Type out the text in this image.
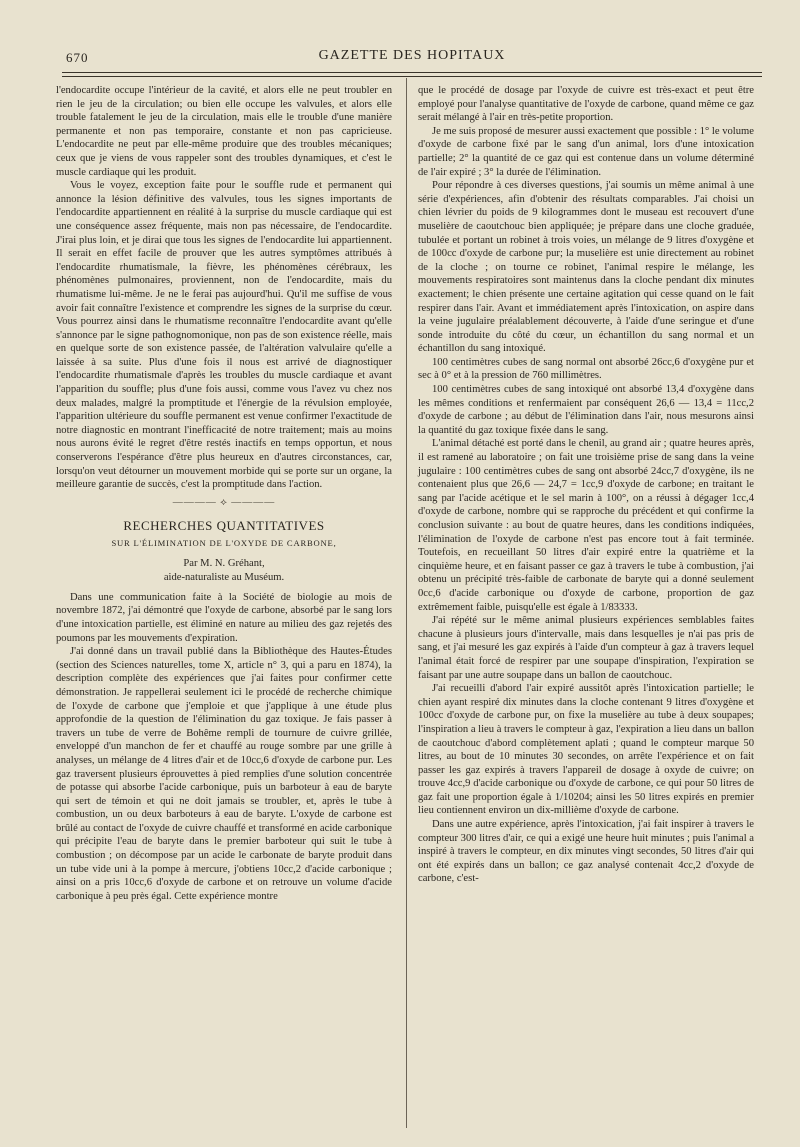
670	GAZETTE DES HOPITAUX

l'endocardite occupe l'intérieur de la cavité, et alors elle ne peut troubler en rien le jeu de la circulation; ou bien elle occupe les valvules, et alors elle trouble fatalement le jeu de la circulation, mais elle le trouble d'une manière permanente et non pas temporaire, constante et non pas capricieuse. L'endocardite ne peut par elle-même produire que des troubles mécaniques; ceux que je viens de vous rappeler sont des troubles dynamiques, et c'est le muscle cardiaque qui les produit.

Vous le voyez, exception faite pour le souffle rude et permanent qui annonce la lésion définitive des valvules, tous les signes importants de l'endocardite appartiennent en réalité à la surprise du muscle cardiaque qui est une conséquence assez fréquente, mais non pas nécessaire, de l'endocardite. J'irai plus loin, et je dirai que tous les signes de l'endocardite lui appartiennent. Il serait en effet facile de prouver que les autres symptômes attribués à l'endocardite rhumatismale, la fièvre, les phénomènes cérébraux, les phénomènes pulmonaires, proviennent, non de l'endocardite, mais du rhumatisme lui-même. Je ne le ferai pas aujourd'hui. Qu'il me suffise de vous avoir fait connaître l'existence et comprendre les signes de la surprise du cœur. Vous pourrez ainsi dans le rhumatisme reconnaître l'endocardite avant qu'elle s'annonce par le signe pathognomonique, non pas de son existence réelle, mais en quelque sorte de son existence passée, de l'altération valvulaire qu'elle a laissée à sa suite. Plus d'une fois il nous est arrivé de diagnostiquer l'endocardite rhumatismale d'après les troubles du muscle cardiaque et avant l'apparition du souffle; plus d'une fois aussi, comme vous l'avez vu chez nos deux malades, malgré la promptitude et l'énergie de la révulsion employée, l'apparition ultérieure du souffle permanent est venue confirmer l'exactitude de notre diagnostic en montrant l'inefficacité de notre traitement; mais au moins nous aurons évité le regret d'être restés inactifs en temps opportun, et nous conserverons l'espérance d'être plus heureux en d'autres circonstances, car, lorsqu'on veut détourner un mouvement morbide qui se porte sur un organe, la meilleure garantie de succès, c'est la promptitude dans l'action.

———— ⟡ ————
RECHERCHES QUANTITATIVES
SUR L'ÉLIMINATION DE L'OXYDE DE CARBONE,
Par M. N. Gréhant,
aide-naturaliste au Muséum.

Dans une communication faite à la Société de biologie au mois de novembre 1872, j'ai démontré que l'oxyde de carbone, absorbé par le sang lors d'une intoxication partielle, est éliminé en nature au milieu des gaz rejetés des poumons par les mouvements d'expiration.

J'ai donné dans un travail publié dans la Bibliothèque des Hautes-Études (section des Sciences naturelles, tome X, article n° 3, qui a paru en 1874), la description complète des expériences que j'ai faites pour confirmer cette démonstration. Je rappellerai seulement ici le procédé de recherche chimique de l'oxyde de carbone que j'emploie et que j'applique à une étude plus approfondie de la question de l'élimination du gaz toxique. Je fais passer à travers un tube de verre de Bohême rempli de tournure de cuivre grillée, enveloppé d'un manchon de fer et chauffé au rouge sombre par une grille à analyses, un mélange de 4 litres d'air et de 10cc,6 d'oxyde de carbone pur. Les gaz traversent plusieurs éprouvettes à pied remplies d'une solution concentrée de potasse qui absorbe l'acide carbonique, puis un barboteur à eau de baryte qui sert de témoin et qui ne doit jamais se troubler, et, après le tube à combustion, un ou deux barboteurs à eau de baryte. L'oxyde de carbone est brûlé au contact de l'oxyde de cuivre chauffé et transformé en acide carbonique qui précipite l'eau de baryte dans le premier barboteur qui suit le tube à combustion ; on décompose par un acide le carbonate de baryte produit dans un tube vide uni à la pompe à mercure, j'obtiens 10cc,2 d'acide carbonique ; ainsi on a pris 10cc,6 d'oxyde de carbone et on retrouve un volume d'acide carbonique à peu près égal. Cette expérience montre

que le procédé de dosage par l'oxyde de cuivre est très-exact et peut être employé pour l'analyse quantitative de l'oxyde de carbone, quand même ce gaz serait mélangé à l'air en très-petite proportion.

Je me suis proposé de mesurer aussi exactement que possible : 1° le volume d'oxyde de carbone fixé par le sang d'un animal, lors d'une intoxication partielle; 2° la quantité de ce gaz qui est contenue dans un volume déterminé de l'air expiré ; 3° la durée de l'élimination.

Pour répondre à ces diverses questions, j'ai soumis un même animal à une série d'expériences, afin d'obtenir des résultats comparables. J'ai choisi un chien lévrier du poids de 9 kilogrammes dont le museau est recouvert d'une muselière de caoutchouc bien appliquée; je prépare dans une cloche graduée, tubulée et portant un robinet à trois voies, un mélange de 9 litres d'oxygène et de 100cc d'oxyde de carbone pur; la muselière est unie directement au robinet de la cloche ; on tourne ce robinet, l'animal respire le mélange, les mouvements respiratoires sont maintenus dans la cloche pendant dix minutes exactement; le chien présente une certaine agitation qui cesse quand on le fait respirer dans l'air. Avant et immédiatement après l'intoxication, on aspire dans la veine jugulaire préalablement découverte, à l'aide d'une seringue et d'une sonde introduite du côté du cœur, un échantillon du sang normal et un échantillon du sang intoxiqué.

100 centimètres cubes de sang normal ont absorbé 26cc,6 d'oxygène pur et sec à 0° et à la pression de 760 millimètres.

100 centimètres cubes de sang intoxiqué ont absorbé 13,4 d'oxygène dans les mêmes conditions et renfermaient par conséquent 26,6 — 13,4 = 11cc,2 d'oxyde de carbone ; au début de l'élimination dans l'air, nous mesurons ainsi la quantité du gaz toxique fixée dans le sang.

L'animal détaché est porté dans le chenil, au grand air ; quatre heures après, il est ramené au laboratoire ; on fait une troisième prise de sang dans la veine jugulaire : 100 centimètres cubes de sang ont absorbé 24cc,7 d'oxygène, ils ne contenaient plus que 26,6 — 24,7 = 1cc,9 d'oxyde de carbone; en traitant le sang par l'acide acétique et le sel marin à 100°, on a réussi à dégager 1cc,4 d'oxyde de carbone, nombre qui se rapproche du précédent et qui confirme la conclusion suivante : au bout de quatre heures, dans les conditions indiquées, l'élimination de l'oxyde de carbone n'est pas encore tout à fait terminée. Toutefois, en recueillant 50 litres d'air expiré entre la quatrième et la cinquième heure, et en faisant passer ce gaz à travers le tube à combustion, j'ai obtenu un précipité très-faible de carbonate de baryte qui a donné seulement 0cc,6 d'acide carbonique ou d'oxyde de carbone, proportion de gaz extrêmement faible, puisqu'elle est égale à 1/83333.

J'ai répété sur le même animal plusieurs expériences semblables faites chacune à plusieurs jours d'intervalle, mais dans lesquelles je n'ai pas pris de sang, et j'ai mesuré les gaz expirés à l'aide d'un compteur à gaz à travers lequel l'animal était forcé de respirer par une soupape d'inspiration, l'expiration se faisant par une autre soupape dans un ballon de caoutchouc.

J'ai recueilli d'abord l'air expiré aussitôt après l'intoxication partielle; le chien ayant respiré dix minutes dans la cloche contenant 9 litres d'oxygène et 100cc d'oxyde de carbone pur, on fixe la muselière au tube à deux soupapes; l'inspiration a lieu à travers le compteur à gaz, l'expiration a lieu dans un ballon de caoutchouc d'abord complètement aplati ; quand le compteur marque 50 litres, au bout de 10 minutes 30 secondes, on arrête l'expérience et on fait passer les gaz expirés à travers l'appareil de dosage à oxyde de cuivre; on trouve 4cc,9 d'acide carbonique ou d'oxyde de carbone, ce qui pour 50 litres de gaz fait une proportion égale à 1/10204; ainsi les 50 litres expirés en premier lieu contiennent environ un dix-millième d'oxyde de carbone.

Dans une autre expérience, après l'intoxication, j'ai fait inspirer à travers le compteur 300 litres d'air, ce qui a exigé une heure huit minutes ; puis l'animal a inspiré à travers le compteur, en dix minutes vingt secondes, 50 litres d'air qui ont été expirés dans un ballon; ce gaz analysé contenait 4cc,2 d'oxyde de carbone, c'est-
